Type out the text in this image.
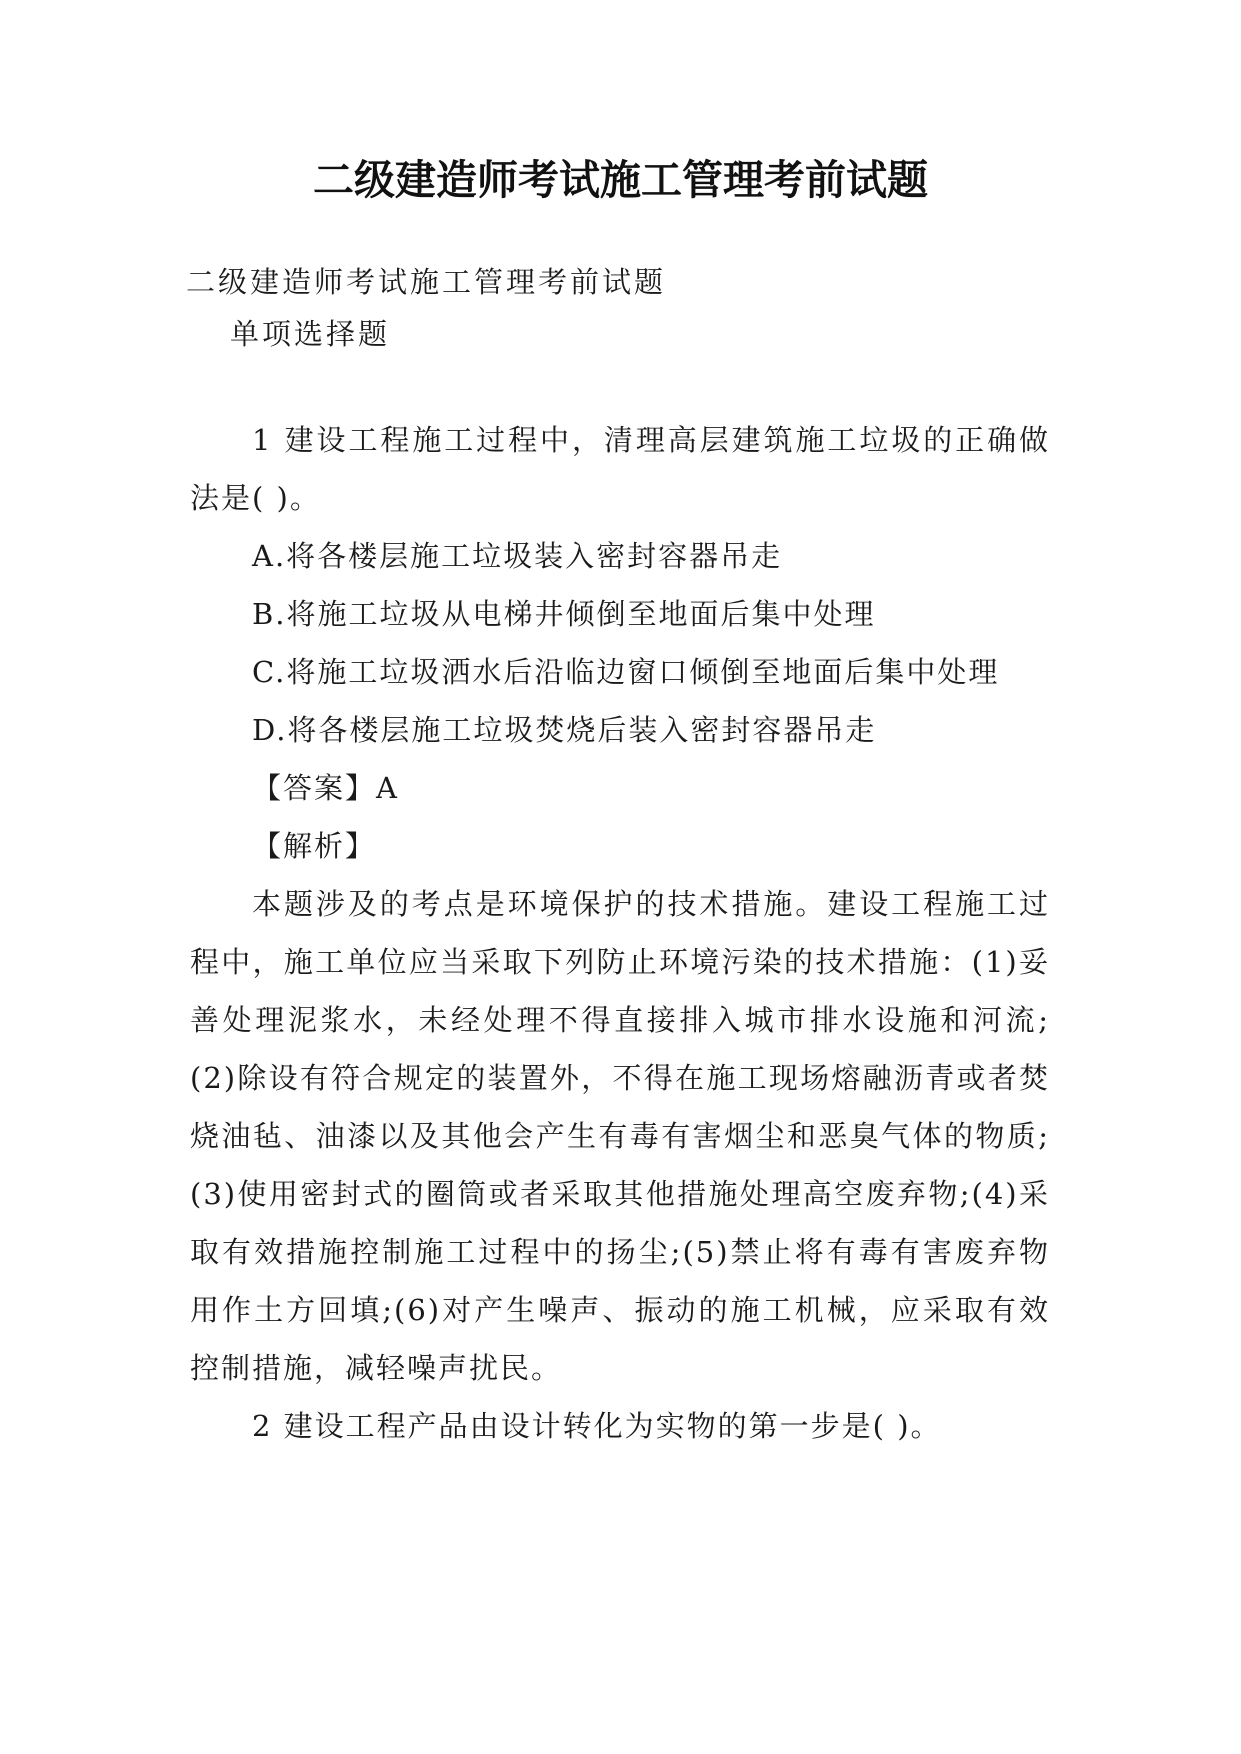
二级建造师考试施工管理考前试题
二级建造师考试施工管理考前试题
单项选择题

1 建设工程施工过程中，清理高层建筑施工垃圾的正确做法是( )。

A.将各楼层施工垃圾装入密封容器吊走

B.将施工垃圾从电梯井倾倒至地面后集中处理

C.将施工垃圾洒水后沿临边窗口倾倒至地面后集中处理

D.将各楼层施工垃圾焚烧后装入密封容器吊走

【答案】A

【解析】

本题涉及的考点是环境保护的技术措施。建设工程施工过程中，施工单位应当采取下列防止环境污染的技术措施：(1)妥善处理泥浆水，未经处理不得直接排入城市排水设施和河流;(2)除设有符合规定的装置外，不得在施工现场熔融沥青或者焚烧油毡、油漆以及其他会产生有毒有害烟尘和恶臭气体的物质;(3)使用密封式的圈筒或者采取其他措施处理高空废弃物;(4)采取有效措施控制施工过程中的扬尘;(5)禁止将有毒有害废弃物用作土方回填;(6)对产生噪声、振动的施工机械，应采取有效控制措施，减轻噪声扰民。

2 建设工程产品由设计转化为实物的第一步是( )。
